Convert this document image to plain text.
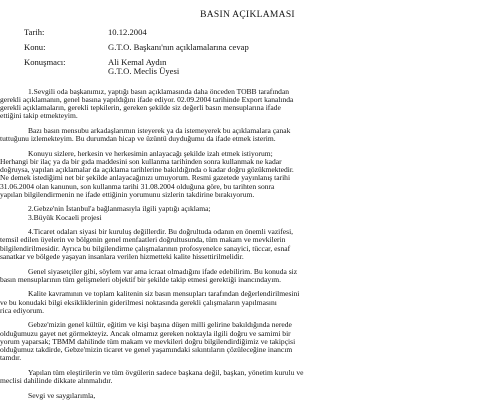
BASIN AÇIKLAMASI
Tarih:	10.12.2004
Konu:	G.T.O. Başkanı'nın açıklamalarına cevap
Konuşmacı:	Ali Kemal Aydın
G.T.O. Meclis Üyesi
1.Sevgili oda başkanımız, yaptığı basın açıklamasında daha önceden TOBB tarafından
gerekli açıklamanın, genel basına yapıldığını ifade ediyor. 02.09.2004 tarihinde Export kanalında
gerekli açıklamaların, gerekli tepkilerin, gereken şekilde siz değerli basın mensuplarına ifade
ettiğini takip etmekteyim.
Bazı basın mensubu arkadaşlarımın isteyerek ya da istemeyerek bu açıklamalara çanak
tuttuğunu izlemekteyim. Bu durumdan hicap ve üzüntü duyduğumu da ifade etmek isterim.
Konuyu sizlere, herkesin ve herkesimin anlayacağı şekilde izah etmek istiyorum;
Herhangi bir ilaç ya da bir gıda maddesini son kullanma tarihinden sonra kullanmak ne kadar
doğruysa, yapılan açıklamalar da açıklama tarihlerine bakıldığında o kadar doğru gözükmektedir.
Ne demek istediğimi net bir şekilde anlayacağınızı umuyorum. Resmi gazetede yayınlanış tarihi
31.06.2004 olan kanunun, son kullanma tarihi 31.08.2004 olduğuna göre, bu tarihten sonra
yapılan bilgilendirmenin ne ifade ettiğinin yorumunu sizlerin takdirine bırakıyorum.
2.Gebze'nin İstanbul'a bağlanmasıyla ilgili yaptığı açıklama;
3.Büyük Kocaeli projesi
4.Ticaret odaları siyasi bir kuruluş değillerdir. Bu doğrultuda odanın en önemli vazifesi,
temsil edilen üyelerin ve bölgenin genel menfaatleri doğrultusunda, tüm makam ve mevkilerin
bilgilendirilmesidir. Ayrıca bu bilgilendirme çalışmalarının profosyenelce sanayici, tüccar, esnaf
sanatkar ve bölgede yaşayan insanlara verilen hizmetteki kalite hissettirilmelidir.
Genel siyasetçiler gibi, söylem var ama icraat olmadığını ifade edebilirim. Bu konuda siz
basın mensuplarının tüm gelişmeleri objektif bir şekilde takip etmesi gerektiği inancındayım.
Kalite kavramının ve toplam kalitenin siz basın mensupları tarafından değerlendirilmesini
ve bu konudaki bilgi eksikliklerinin giderilmesi noktasında gerekli çalışmaların yapılmasını
rica ediyorum.
Gebze'mizin genel kültür, eğitim ve kişi başına düşen milli gelirine bakıldığında nerede
olduğumuzu gayet net görmekteyiz. Ancak olmamız gereken noktayla ilgili doğru ve samimi bir
yorum yaparsak; TBMM dahilinde tüm makam ve mevkileri doğru bilgilendirdiğimiz ve takipçisi
olduğumuz takdirde, Gebze'mizin ticaret ve genel yaşamındaki sıkıntıların çözüleceğine inancım
tamdır.
Yapılan tüm eleştirilerin ve tüm övgülerin sadece başkana değil, başkan, yönetim kurulu ve
meclisi dahilinde dikkate alınmalıdır.
Sevgi ve saygılarımla,
